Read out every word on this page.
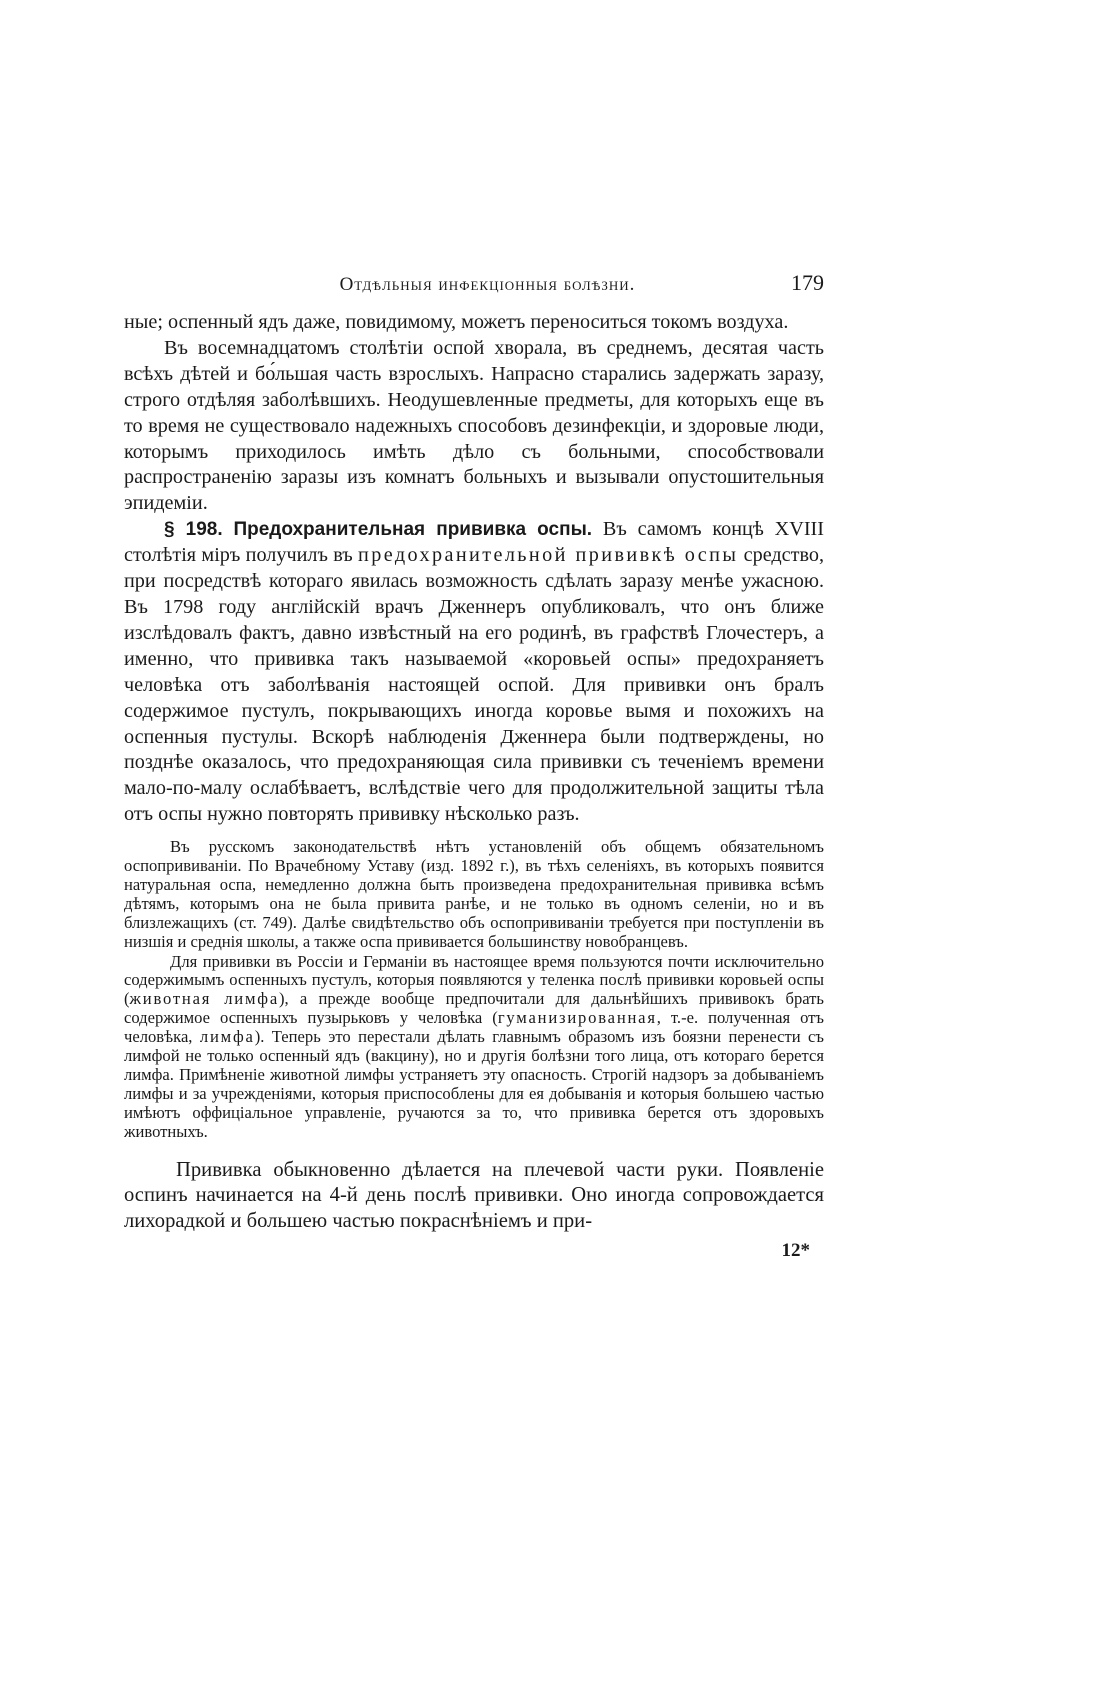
Отдѣльныя инфекціонныя болѣзни.	179

ные; оспенный ядъ даже, повидимому, можетъ переноситься токомъ воздуха.

Въ восемнадцатомъ столѣтіи оспой хворала, въ среднемъ, десятая часть всѣхъ дѣтей и бо́льшая часть взрослыхъ. Напрасно старались задержать заразу, строго отдѣляя заболѣвшихъ. Неодушевленные предметы, для которыхъ еще въ то время не существовало надежныхъ способовъ дезинфекціи, и здоровые люди, которымъ приходилось имѣть дѣло съ больными, способствовали распространенію заразы изъ комнатъ больныхъ и вызывали опустошительныя эпидеміи.

§ 198. Предохранительная прививка оспы. Въ самомъ концѣ XVIII столѣтія міръ получилъ въ предохранительной прививкѣ оспы средство, при посредствѣ котораго явилась возможность сдѣлать заразу менѣе ужасною. Въ 1798 году англійскій врачъ Дженнеръ опубликовалъ, что онъ ближе изслѣдовалъ фактъ, давно извѣстный на его родинѣ, въ графствѣ Глочестеръ, а именно, что прививка такъ называемой «коровьей оспы» предохраняетъ человѣка отъ заболѣванія настоящей оспой. Для прививки онъ бралъ содержимое пустулъ, покрывающихъ иногда коровье вымя и похожихъ на оспенныя пустулы. Вскорѣ наблюденія Дженнера были подтверждены, но позднѣе оказалось, что предохраняющая сила прививки съ теченіемъ времени мало-по-малу ослабѣваетъ, вслѣдствіе чего для продолжительной защиты тѣла отъ оспы нужно повторять прививку нѣсколько разъ.

Въ русскомъ законодательствѣ нѣтъ установленій объ общемъ обязательномъ оспопрививаніи. По Врачебному Уставу (изд. 1892 г.), въ тѣхъ селеніяхъ, въ которыхъ появится натуральная оспа, немедленно должна быть произведена предохранительная прививка всѣмъ дѣтямъ, которымъ она не была привита ранѣе, и не только въ одномъ селеніи, но и въ близлежащихъ (ст. 749). Далѣе свидѣтельство объ оспопрививаніи требуется при поступленіи въ низшія и среднія школы, а также оспа прививается большинству новобранцевъ.

Для прививки въ Россіи и Германіи въ настоящее время пользуются почти исключительно содержимымъ оспенныхъ пустулъ, которыя появляются у теленка послѣ прививки коровьей оспы (животная лимфа), а прежде вообще предпочитали для дальнѣйшихъ прививокъ брать содержимое оспенныхъ пузырьковъ у человѣка (гуманизированная, т.-е. полученная отъ человѣка, лимфа). Теперь это перестали дѣлать главнымъ образомъ изъ боязни перенести съ лимфой не только оспенный ядъ (вакцину), но и другія болѣзни того лица, отъ котораго берется лимфа. Примѣненіе животной лимфы устраняетъ эту опасность. Строгій надзоръ за добываніемъ лимфы и за учрежденіями, которыя приспособлены для ея добыванія и которыя большею частью имѣютъ оффиціальное управленіе, ручаются за то, что прививка берется отъ здоровыхъ животныхъ.

Прививка обыкновенно дѣлается на плечевой части руки. Появленіе оспинъ начинается на 4-й день послѣ прививки. Оно иногда сопровождается лихорадкой и большею частью покраснѣніемъ и при-

12*
